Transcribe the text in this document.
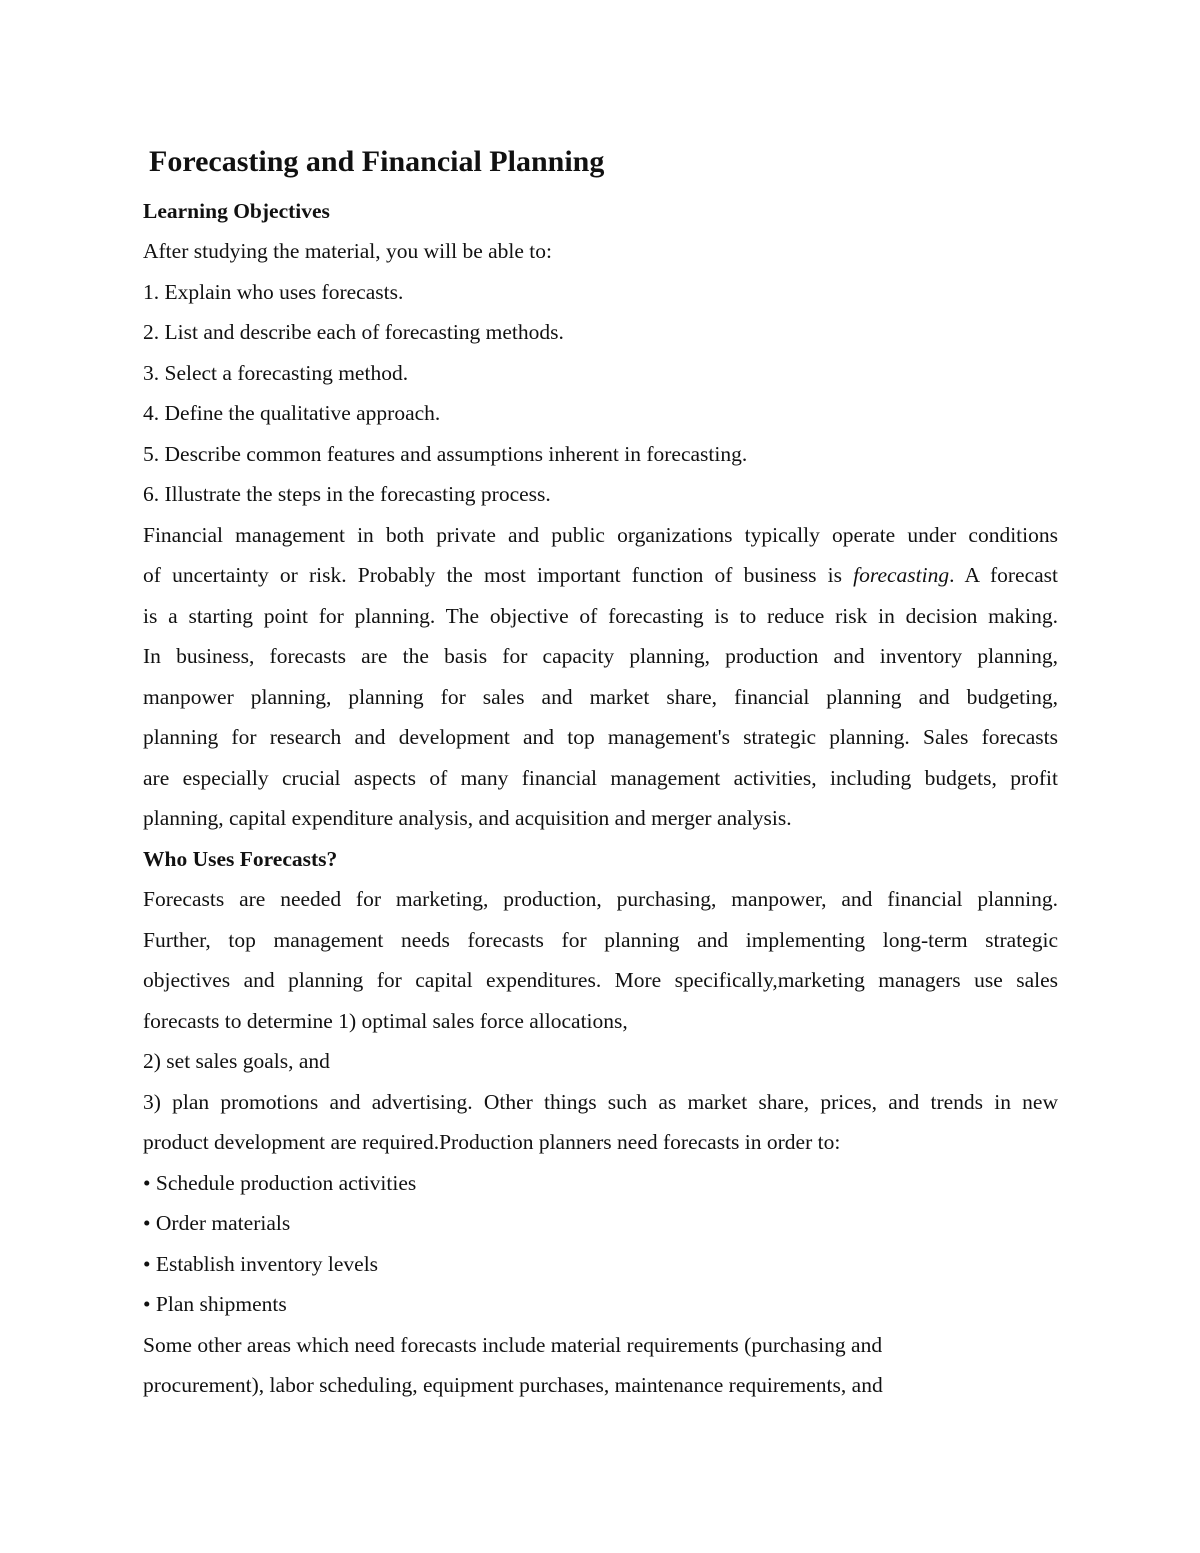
Forecasting and Financial Planning

Learning Objectives

After studying the material, you will be able to:

1. Explain who uses forecasts.

2. List and describe each of forecasting methods.

3. Select a forecasting method.

4. Define the qualitative approach.

5. Describe common features and assumptions inherent in forecasting.

6. Illustrate the steps in the forecasting process.

Financial management in both private and public organizations typically operate under conditions

of uncertainty or risk. Probably the most important function of business is forecasting. A forecast

is a starting point for planning. The objective of forecasting is to reduce risk in decision making.

In business, forecasts are the basis for capacity planning, production and inventory planning,

manpower planning, planning for sales and market share, financial planning and budgeting,

planning for research and development and top management's strategic planning. Sales forecasts

are especially crucial aspects of many financial management activities, including budgets, profit

planning, capital expenditure analysis, and acquisition and merger analysis.

Who Uses Forecasts?

Forecasts are needed for marketing, production, purchasing, manpower, and financial planning.

Further, top management needs forecasts for planning and implementing long-term strategic

objectives and planning for capital expenditures. More specifically,marketing managers use sales

forecasts to determine 1) optimal sales force allocations,

2) set sales goals, and

3) plan promotions and advertising. Other things such as market share, prices, and trends in new

product development are required.Production planners need forecasts in order to:

• Schedule production activities

• Order materials

• Establish inventory levels

• Plan shipments

Some other areas which need forecasts include material requirements (purchasing and

procurement), labor scheduling, equipment purchases, maintenance requirements, and
